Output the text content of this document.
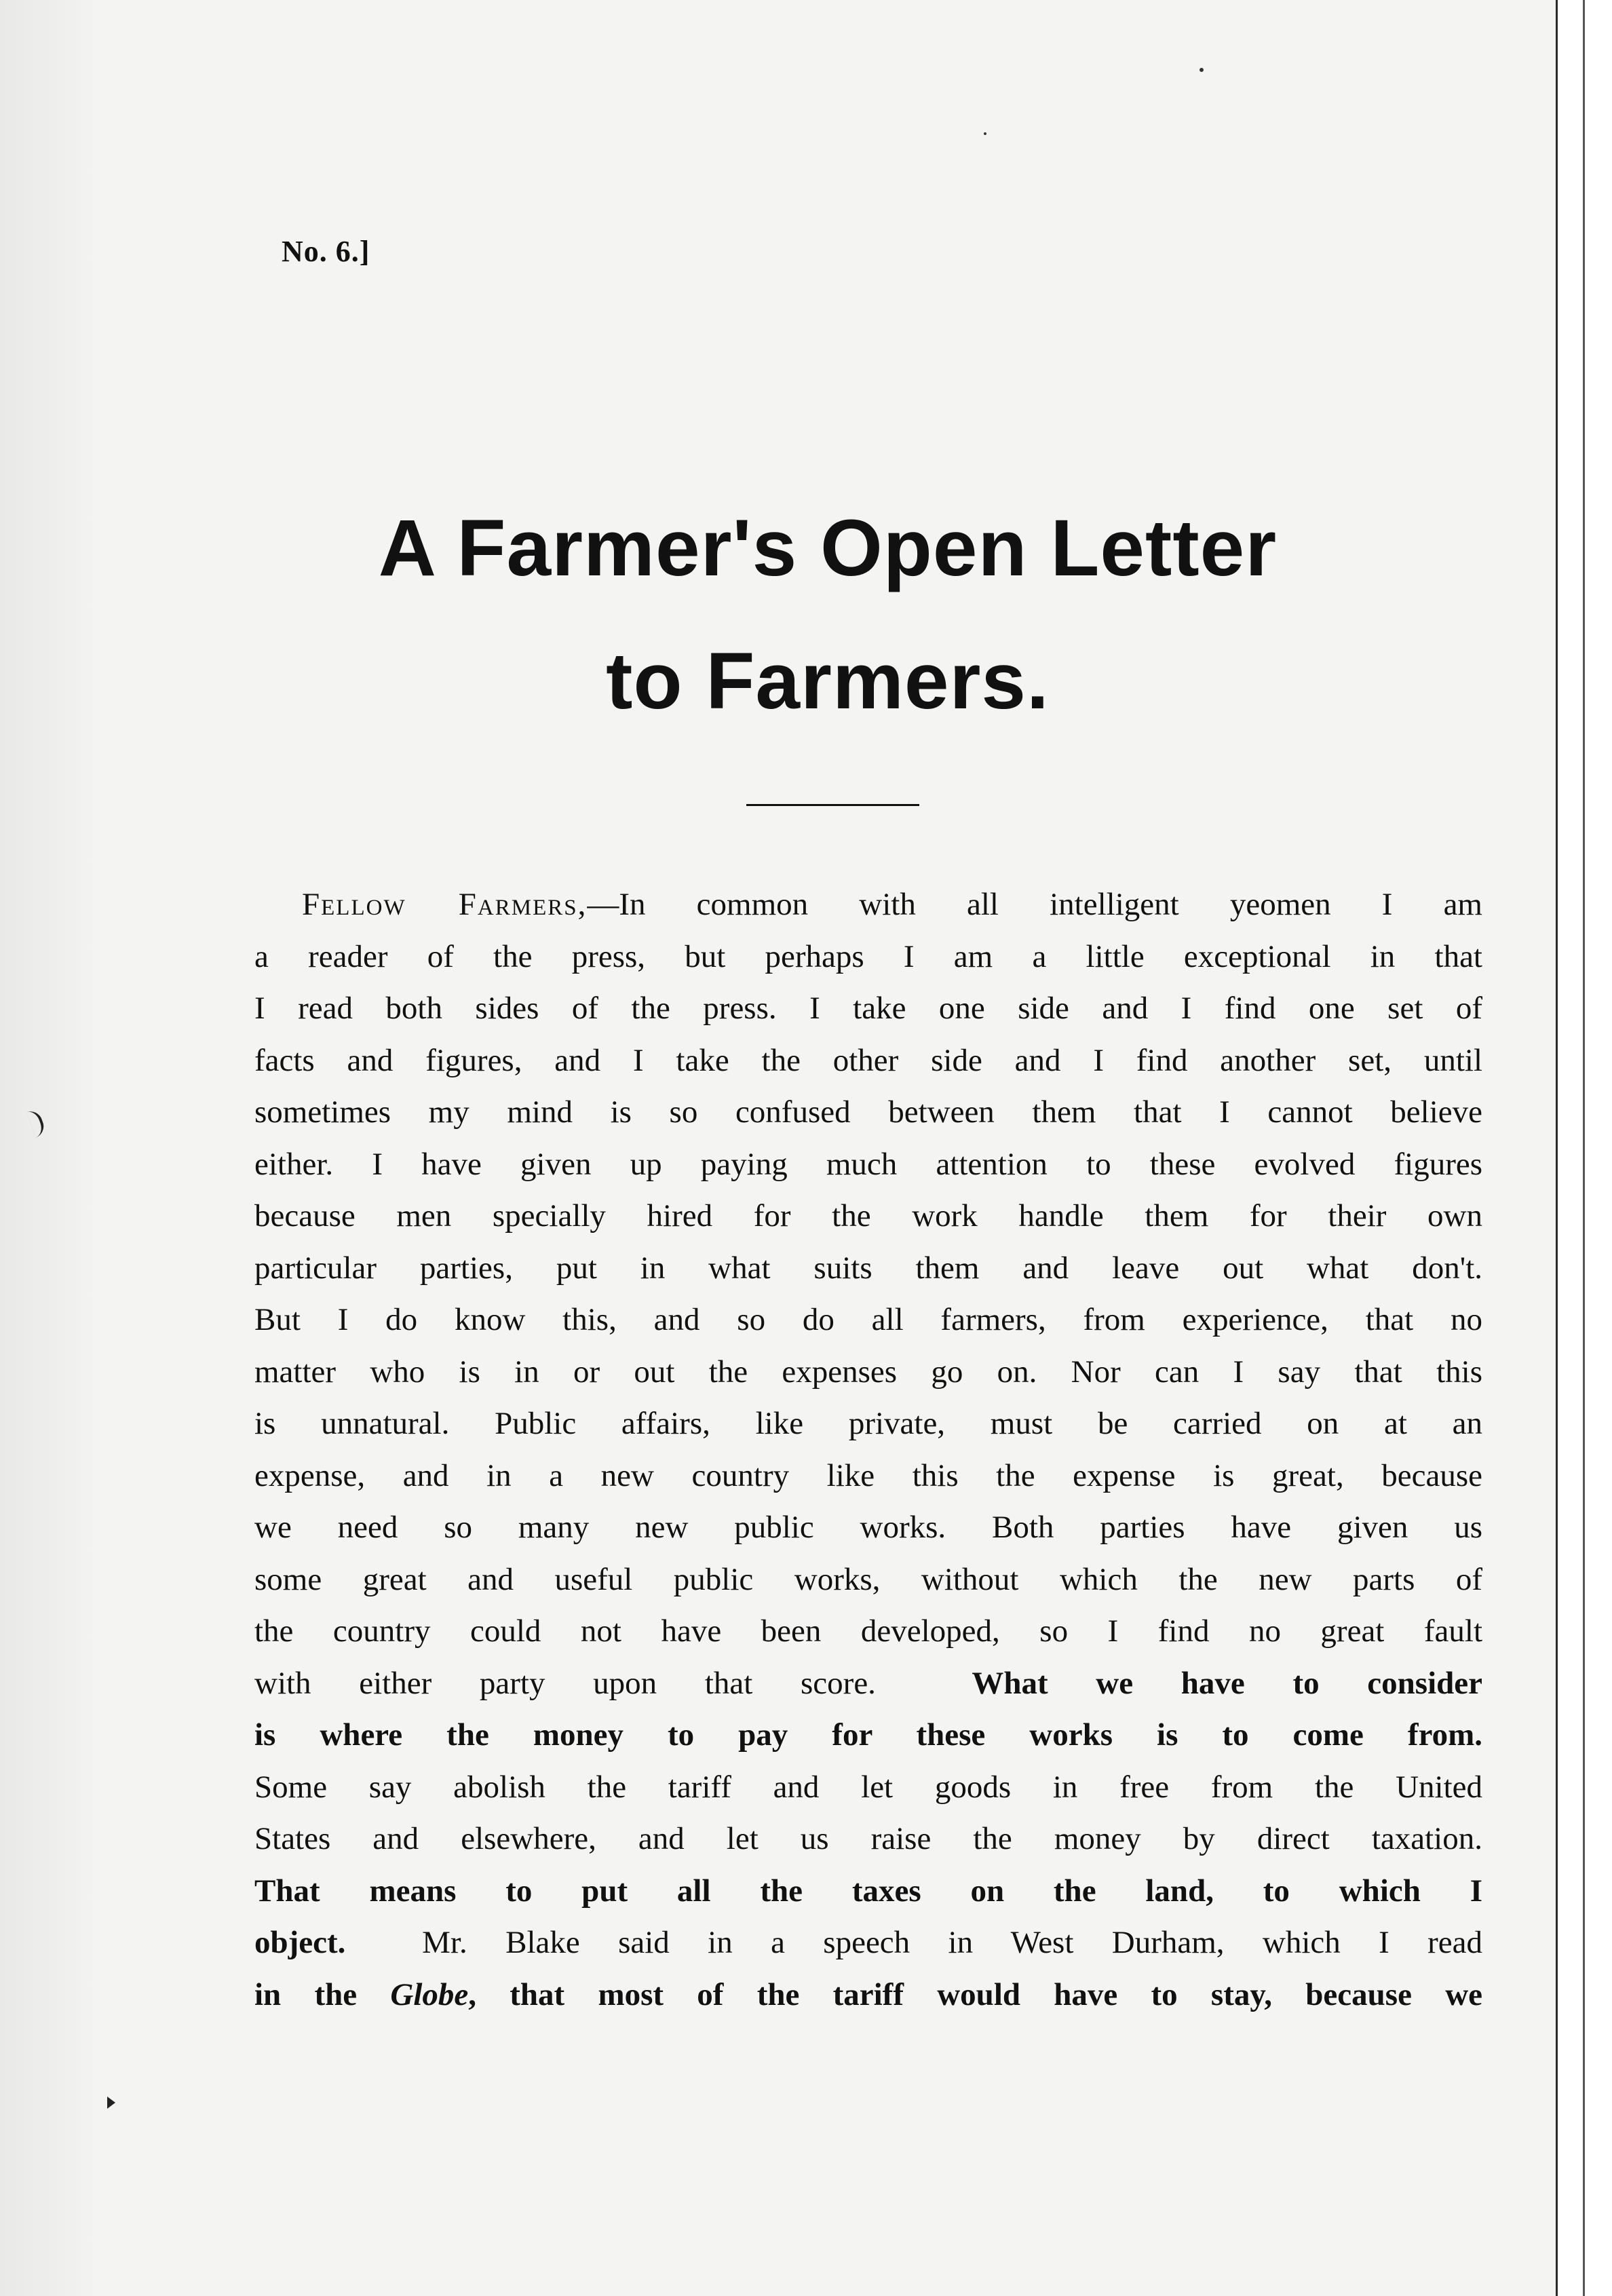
No. 6.]
A Farmer's Open Letter
to Farmers.
Fellow Farmers,—In common with all intelligent yeomen I am
a reader of the press, but perhaps I am a little exceptional in that
I read both sides of the press. I take one side and I find one set of
facts and figures, and I take the other side and I find another set, until
sometimes my mind is so confused between them that I cannot believe
either. I have given up paying much attention to these evolved figures
because men specially hired for the work handle them for their own
particular parties, put in what suits them and leave out what don't.
But I do know this, and so do all farmers, from experience, that no
matter who is in or out the expenses go on. Nor can I say that this
is unnatural. Public affairs, like private, must be carried on at an
expense, and in a new country like this the expense is great, because
we need so many new public works. Both parties have given us
some great and useful public works, without which the new parts of
the country could not have been developed, so I find no great fault
with either party upon that score.	What we have to consider
is where the money to pay for these works is to come from.
Some say abolish the tariff and let goods in free from the United
States and elsewhere, and let us raise the money by direct taxation.
That means to put all the taxes on the land, to which I
object. Mr. Blake said in a speech in West Durham, which I read
in the Globe, that most of the tariff would have to stay, because we
